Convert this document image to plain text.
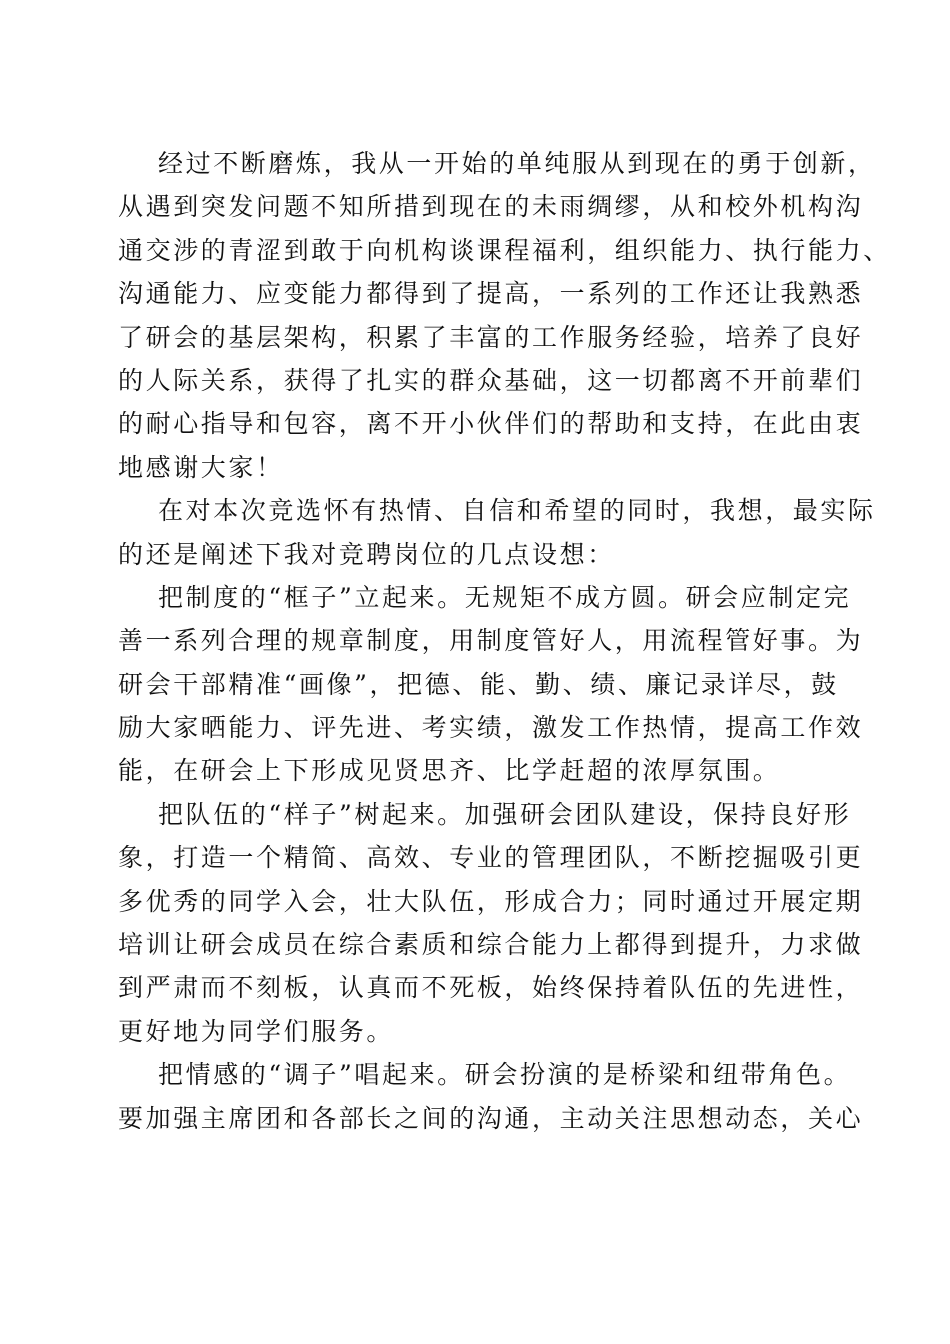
经过不断磨炼，我从一开始的单纯服从到现在的勇于创新，
从遇到突发问题不知所措到现在的未雨绸缪，从和校外机构沟
通交涉的青涩到敢于向机构谈课程福利，组织能力、执行能力、
沟通能力、应变能力都得到了提高，一系列的工作还让我熟悉
了研会的基层架构，积累了丰富的工作服务经验，培养了良好
的人际关系，获得了扎实的群众基础，这一切都离不开前辈们
的耐心指导和包容，离不开小伙伴们的帮助和支持，在此由衷
地感谢大家！
在对本次竞选怀有热情、自信和希望的同时，我想，最实际
的还是阐述下我对竞聘岗位的几点设想：
把制度的“框子”立起来。无规矩不成方圆。研会应制定完
善一系列合理的规章制度，用制度管好人，用流程管好事。为
研会干部精准“画像”，把德、能、勤、绩、廉记录详尽，鼓
励大家晒能力、评先进、考实绩，激发工作热情，提高工作效
能，在研会上下形成见贤思齐、比学赶超的浓厚氛围。
把队伍的“样子”树起来。加强研会团队建设，保持良好形
象，打造一个精简、高效、专业的管理团队，不断挖掘吸引更
多优秀的同学入会，壮大队伍，形成合力；同时通过开展定期
培训让研会成员在综合素质和综合能力上都得到提升，力求做
到严肃而不刻板，认真而不死板，始终保持着队伍的先进性，
更好地为同学们服务。
把情感的“调子”唱起来。研会扮演的是桥梁和纽带角色。
要加强主席团和各部长之间的沟通，主动关注思想动态，关心
